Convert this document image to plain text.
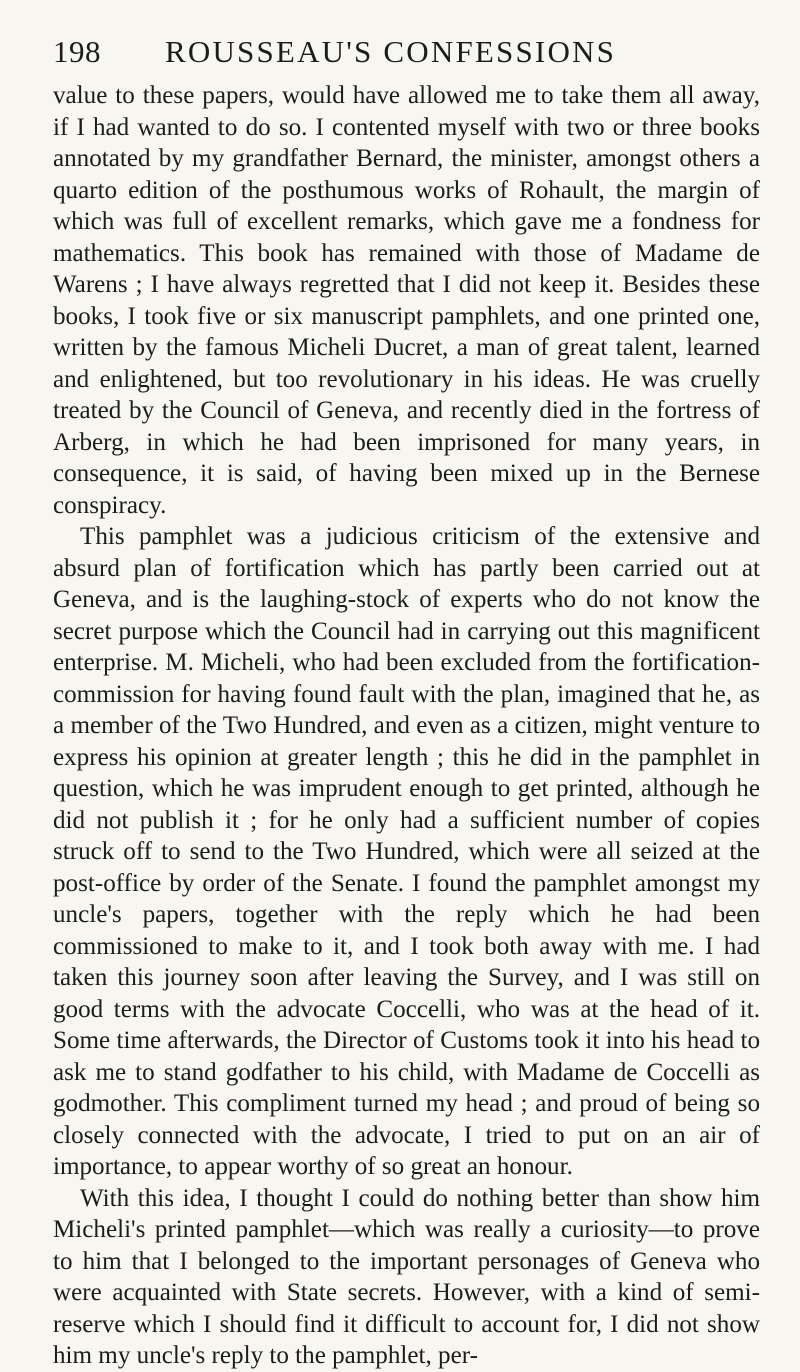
198	ROUSSEAU'S CONFESSIONS

value to these papers, would have allowed me to take them all away, if I had wanted to do so. I contented myself with two or three books annotated by my grandfather Bernard, the minister, amongst others a quarto edition of the posthumous works of Rohault, the margin of which was full of excellent remarks, which gave me a fondness for mathematics. This book has remained with those of Madame de Warens ; I have always regretted that I did not keep it. Besides these books, I took five or six manuscript pamphlets, and one printed one, written by the famous Micheli Ducret, a man of great talent, learned and enlightened, but too revolutionary in his ideas. He was cruelly treated by the Council of Geneva, and recently died in the fortress of Arberg, in which he had been imprisoned for many years, in consequence, it is said, of having been mixed up in the Bernese conspiracy.

This pamphlet was a judicious criticism of the extensive and absurd plan of fortification which has partly been carried out at Geneva, and is the laughing-stock of experts who do not know the secret purpose which the Council had in carrying out this magnificent enterprise. M. Micheli, who had been excluded from the fortification-commission for having found fault with the plan, imagined that he, as a member of the Two Hundred, and even as a citizen, might venture to express his opinion at greater length ; this he did in the pamphlet in question, which he was imprudent enough to get printed, although he did not publish it ; for he only had a sufficient number of copies struck off to send to the Two Hundred, which were all seized at the post-office by order of the Senate. I found the pamphlet amongst my uncle's papers, together with the reply which he had been commissioned to make to it, and I took both away with me. I had taken this journey soon after leaving the Survey, and I was still on good terms with the advocate Coccelli, who was at the head of it. Some time afterwards, the Director of Customs took it into his head to ask me to stand godfather to his child, with Madame de Coccelli as godmother. This compliment turned my head ; and proud of being so closely connected with the advocate, I tried to put on an air of importance, to appear worthy of so great an honour.

With this idea, I thought I could do nothing better than show him Micheli's printed pamphlet—which was really a curiosity—to prove to him that I belonged to the important personages of Geneva who were acquainted with State secrets. However, with a kind of semi-reserve which I should find it difficult to account for, I did not show him my uncle's reply to the pamphlet, per-
